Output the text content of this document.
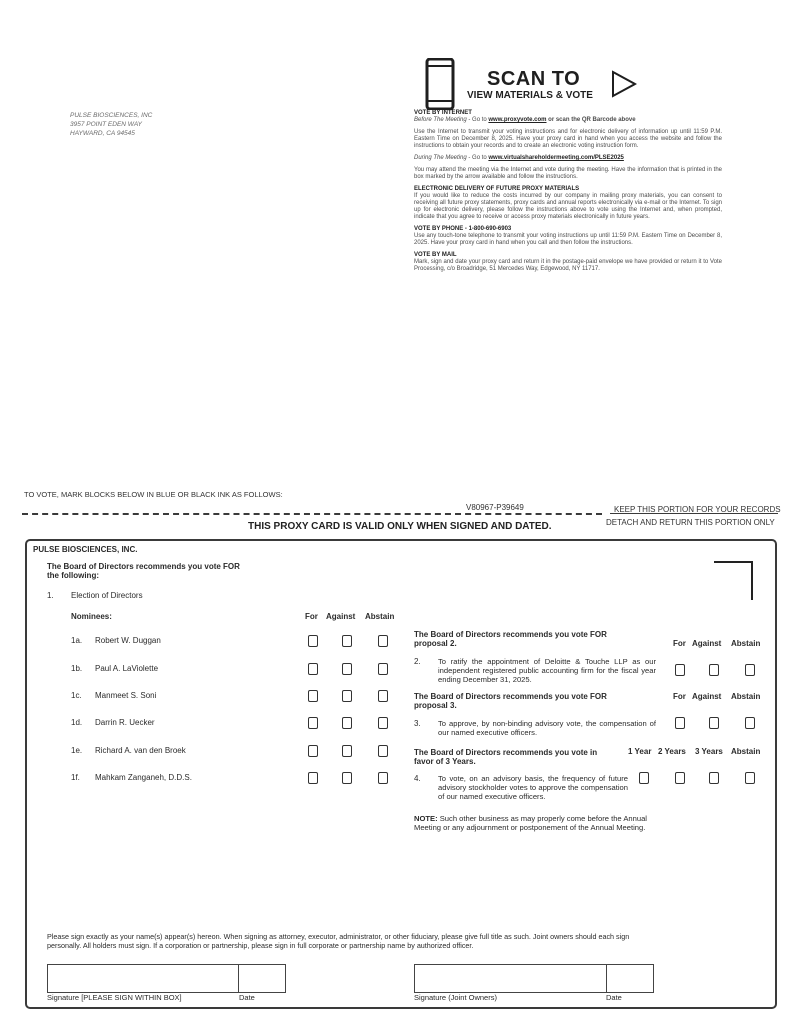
PULSE BIOSCIENCES, INC
3957 POINT EDEN WAY
HAYWARD, CA 94545
SCAN TO
VIEW MATERIALS & VOTE
VOTE BY INTERNET

Before The Meeting - Go to www.proxyvote.com or scan the QR Barcode above

Use the Internet to transmit your voting instructions and for electronic delivery of information up until 11:59 P.M. Eastern Time on December 8, 2025. Have your proxy card in hand when you access the website and follow the instructions to obtain your records and to create an electronic voting instruction form.

During The Meeting - Go to www.virtualshareholdermeeting.com/PLSE2025

You may attend the meeting via the Internet and vote during the meeting. Have the information that is printed in the box marked by the arrow available and follow the instructions.

ELECTRONIC DELIVERY OF FUTURE PROXY MATERIALS

If you would like to reduce the costs incurred by our company in mailing proxy materials, you can consent to receiving all future proxy statements, proxy cards and annual reports electronically via e-mail or the Internet. To sign up for electronic delivery, please follow the instructions above to vote using the Internet and, when prompted, indicate that you agree to receive or access proxy materials electronically in future years.

VOTE BY PHONE - 1-800-690-6903

Use any touch-tone telephone to transmit your voting instructions up until 11:59 P.M. Eastern Time on December 8, 2025. Have your proxy card in hand when you call and then follow the instructions.

VOTE BY MAIL

Mark, sign and date your proxy card and return it in the postage-paid envelope we have provided or return it to Vote Processing, c/o Broadridge, 51 Mercedes Way, Edgewood, NY 11717.

TO VOTE, MARK BLOCKS BELOW IN BLUE OR BLACK INK AS FOLLOWS:
V80967-P39649	KEEP THIS PORTION FOR YOUR RECORDS
DETACH AND RETURN THIS PORTION ONLY
THIS PROXY CARD IS VALID ONLY WHEN SIGNED AND DATED.
PULSE BIOSCIENCES, INC.
The Board of Directors recommends you vote FOR
the following:
1. Election of Directors
Nominees:	For Against Abstain
1a. Robert W. Duggan
1b. Paul A. LaViolette
1c. Manmeet S. Soni
1d. Darrin R. Uecker
1e. Richard A. van den Broek
1f. Mahkam Zanganeh, D.D.S.
The Board of Directors recommends you vote FOR
proposal 2.	For Against Abstain
2. To ratify the appointment of Deloitte & Touche LLP as our independent registered public accounting firm for the fiscal year ending December 31, 2025.
The Board of Directors recommends you vote FOR
proposal 3.
For Against Abstain
3. To approve, by non-binding advisory vote, the compensation of our named executive officers.
The Board of Directors recommends you vote in
favor of 3 Years.
1 Year 2 Years 3 Years Abstain
4. To vote, on an advisory basis, the frequency of future advisory stockholder votes to approve the compensation of our named executive officers.
NOTE: Such other business as may properly come before the Annual Meeting or any adjournment or postponement of the Annual Meeting.
Please sign exactly as your name(s) appear(s) hereon. When signing as attorney, executor, administrator, or other fiduciary, please give full title as such. Joint owners should each sign personally. All holders must sign. If a corporation or partnership, please sign in full corporate or partnership name by authorized officer.
Signature [PLEASE SIGN WITHIN BOX]	Date	Signature (Joint Owners)	Date
